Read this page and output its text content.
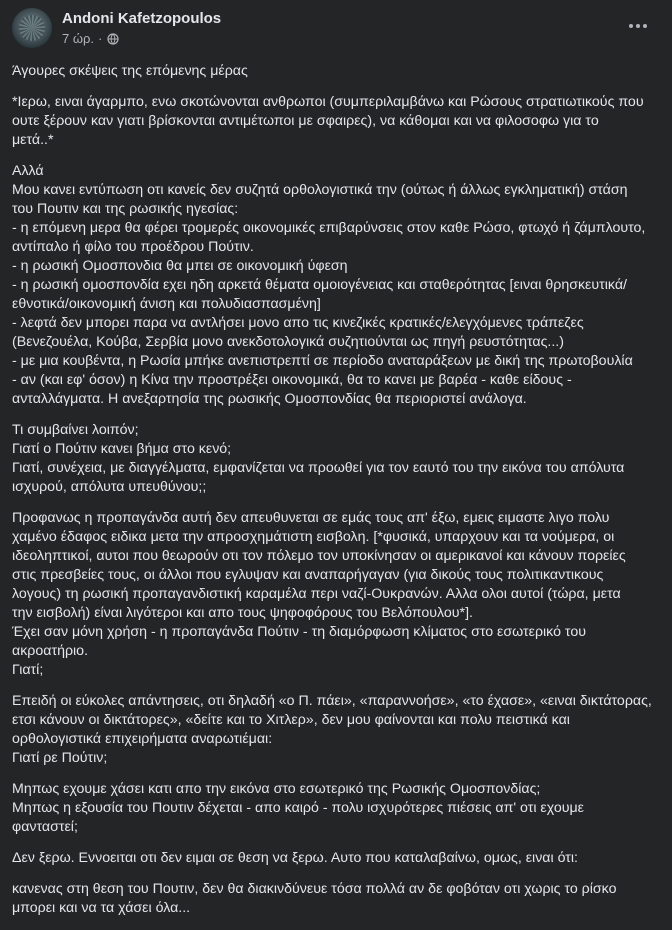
Andoni Kafetzopoulos
7 ώρ. ·

Άγουρες σκέψεις της επόμενης μέρας

*Ιερω, ειναι άγαρμπο, ενω σκοτώνονται ανθρωποι (συμπεριλαμβάνω και Ρώσους στρατιωτικούς που
ουτε ξέρουν καν γιατι βρίσκονται αντιμέτωποι με σφαιρες), να κάθομαι και να φιλοσοφω για το
μετά..*

Αλλά
Μου κανει εντύπωση οτι κανείς δεν συζητά ορθολογιστικά την (ούτως ή άλλως εγκληματική) στάση
του Πουτιν και της ρωσικής ηγεσίας:
- η επόμενη μερα θα φέρει τρομερές οικονομικές επιβαρύνσεις στον καθε Ρώσο, φτωχό ή ζάμπλουτο,
αντίπαλο ή φίλο του προέδρου Πούτιν.
- η ρωσική Ομοσπονδια θα μπει σε οικονομική ύφεση
- η ρωσική ομοσπονδία εχει ηδη αρκετά θέματα ομοιογένειας και σταθερότητας [ειναι θρησκευτικά/
εθνοτικά/οικονομική άνιση και πολυδιασπασμένη]
- λεφτά δεν μπορει παρα να αντλήσει μονο απο τις κινεζικές κρατικές/ελεγχόμενες τράπεζες
(Βενεζουέλα, Κούβα, Σερβία μονο ανεκδοτολογικά συζητιούνται ως πηγή ρευστότητας...)
- με μια κουβέντα, η Ρωσία μπήκε ανεπιστρεπτί σε περίοδο αναταράξεων με δική της πρωτοβουλία
- αν (και εφ' όσον) η Κίνα την προστρέξει οικονομικά, θα το κανει με βαρέα - καθε είδους -
ανταλλάγματα. Η ανεξαρτησία της ρωσικής Ομοσπονδίας θα περιοριστεί ανάλογα.

Τι συμβαίνει λοιπόν;
Γιατί ο Πούτιν κανει βήμα στο κενό;
Γιατί, συνέχεια, με διαγγέλματα, εμφανίζεται να προωθεί για τον εαυτό του την εικόνα του απόλυτα
ισχυρού, απόλυτα υπευθύνου;;

Προφανως η προπαγάνδα αυτή δεν απευθυνεται σε εμάς τους απ' έξω, εμεις ειμαστε λιγο πολυ
χαμένο έδαφος ειδικα μετα την απροσχημάτιστη εισβολη. [*φυσικά, υπαρχουν και τα νούμερα, οι
ιδεοληπτικοί, αυτοι που θεωρούν οτι τον πόλεμο τον υποκίνησαν οι αμερικανοί και κάνουν πορείες
στις πρεσβείες τους, οι άλλοι που εγλυψαν και αναπαρήγαγαν (για δικούς τους πολιτικαντικους
λογους) τη ρωσική προπαγανδιστική καραμέλα περι ναζί-Ουκρανών. Αλλα ολοι αυτοί (τώρα, μετα
την εισβολή) είναι λιγότεροι και απο τους ψηφοφόρους του Βελόπουλου*].
Έχει σαν μόνη χρήση - η προπαγάνδα Πούτιν - τη διαμόρφωση κλίματος στο εσωτερικό του
ακροατήριο.
Γιατί;

Επειδή οι εύκολες απάντησεις, οτι δηλαδή «ο Π. πάει», «παραννοήσε», «το έχασε», «ειναι δικτάτορας,
ετσι κάνουν οι δικτάτορες», «δείτε και το Χιτλερ», δεν μου φαίνονται και πολυ πειστικά και
ορθολογιστικά επιχειρήματα αναρωτιέμαι:
Γιατί ρε Πούτιν;

Μηπως εχουμε χάσει κατι απο την εικόνα στο εσωτερικό της Ρωσικής Ομοσπονδίας;
Μηπως η εξουσία του Πουτιν δέχεται - απο καιρό - πολυ ισχυρότερες πιέσεις απ' οτι εχουμε
φανταστεί;

Δεν ξερω. Εννοειται οτι δεν ειμαι σε θεση να ξερω. Αυτο που καταλαβαίνω, ομως, ειναι ότι:

κανενας στη θεση του Πουτιν, δεν θα διακινδύνευε τόσα πολλά αν δε φοβόταν οτι χωρις το ρίσκο
μπορει και να τα χάσει όλα...
